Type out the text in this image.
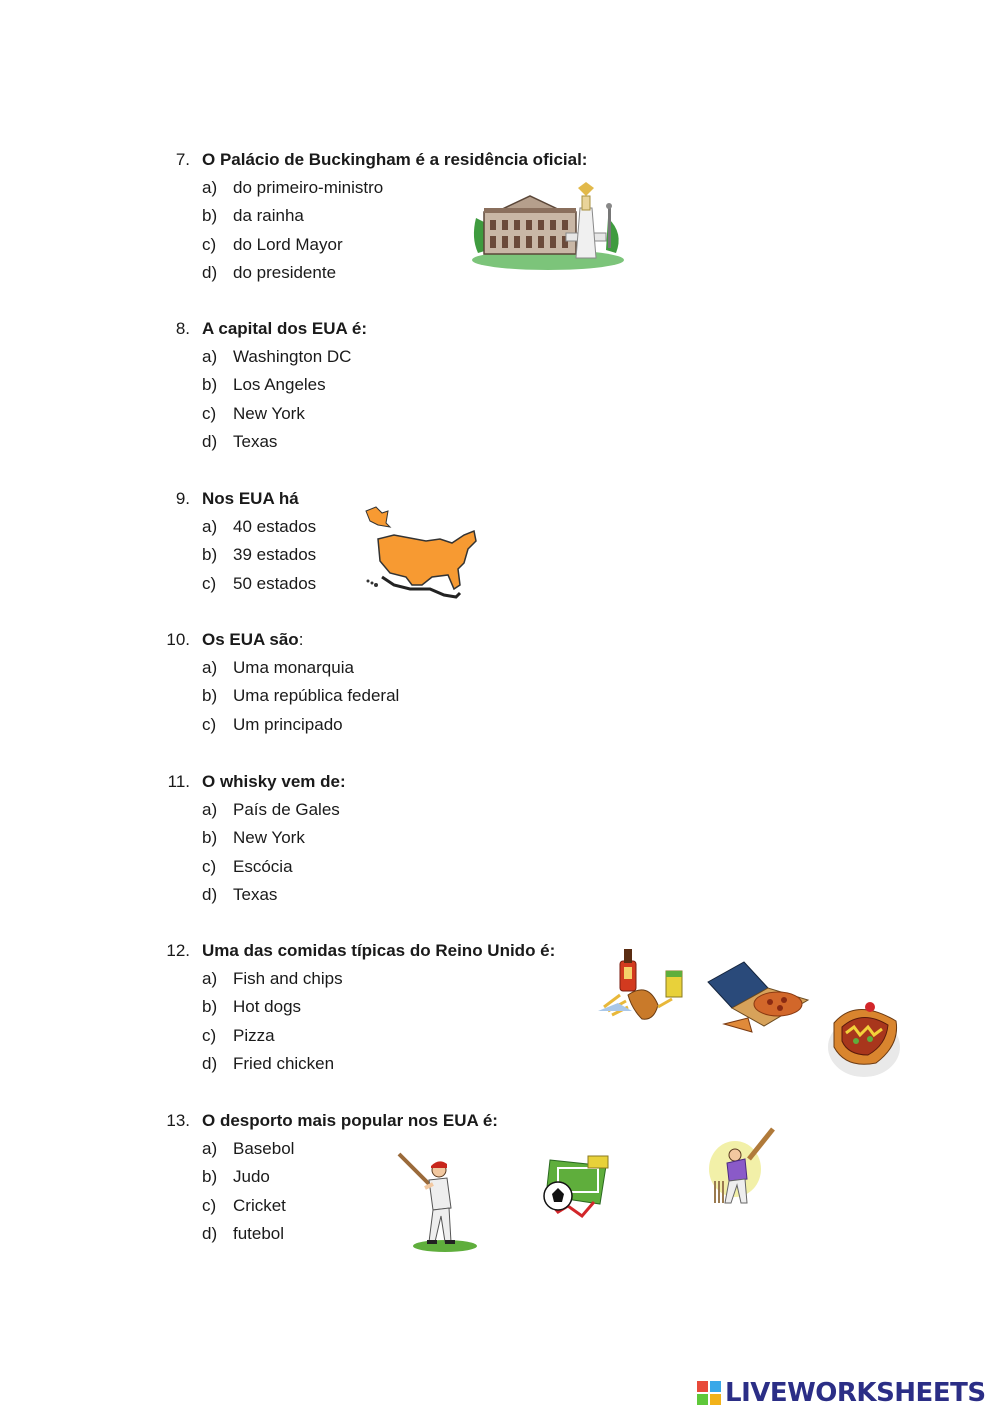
7. O Palácio de Buckingham é a residência oficial:
a) do primeiro-ministro
b) da rainha
c) do Lord Mayor
d) do presidente
8. A capital dos EUA é:
a) Washington DC
b) Los Angeles
c) New York
d) Texas
9. Nos EUA há
a) 40 estados
b) 39 estados
c) 50 estados
10. Os EUA são:
a) Uma monarquia
b) Uma república federal
c) Um principado
11. O whisky vem de:
a) País de Gales
b) New York
c) Escócia
d) Texas
12. Uma das comidas típicas do Reino Unido é:
a) Fish and chips
b) Hot dogs
c) Pizza
d) Fried chicken
13. O desporto mais popular nos EUA é:
a) Basebol
b) Judo
c) Cricket
d) futebol
LIVEWORKSHEETS
